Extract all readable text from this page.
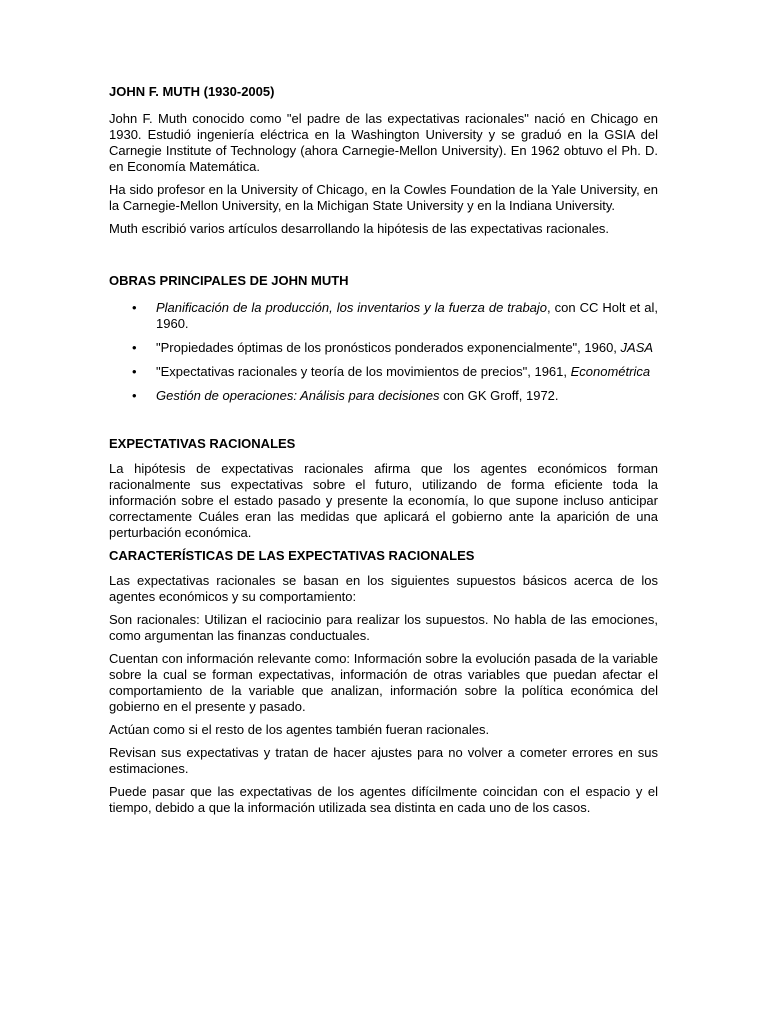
JOHN F. MUTH (1930-2005)

John F. Muth conocido como "el padre de las expectativas racionales" nació en Chicago en 1930. Estudió ingeniería eléctrica en la Washington University y se graduó en la GSIA del Carnegie Institute of Technology (ahora Carnegie-Mellon University). En 1962 obtuvo el Ph. D. en Economía Matemática.

Ha sido profesor en la University of Chicago, en la Cowles Foundation de la Yale University, en la Carnegie-Mellon University, en la Michigan State University y en la Indiana University.

Muth escribió varios artículos desarrollando la hipótesis de las expectativas racionales.

OBRAS PRINCIPALES DE JOHN MUTH
• Planificación de la producción, los inventarios y la fuerza de trabajo, con CC Holt et al, 1960.
• "Propiedades óptimas de los pronósticos ponderados exponencialmente", 1960, JASA
• "Expectativas racionales y teoría de los movimientos de precios", 1961, Econométrica
• Gestión de operaciones: Análisis para decisiones con GK Groff, 1972.
EXPECTATIVAS RACIONALES

La hipótesis de expectativas racionales afirma que los agentes económicos forman racionalmente sus expectativas sobre el futuro, utilizando de forma eficiente toda la información sobre el estado pasado y presente la economía, lo que supone incluso anticipar correctamente Cuáles eran las medidas que aplicará el gobierno ante la aparición de una perturbación económica.

CARACTERÍSTICAS DE LAS EXPECTATIVAS RACIONALES

Las expectativas racionales se basan en los siguientes supuestos básicos acerca de los agentes económicos y su comportamiento:

Son racionales: Utilizan el raciocinio para realizar los supuestos. No habla de las emociones, como argumentan las finanzas conductuales.

Cuentan con información relevante como: Información sobre la evolución pasada de la variable sobre la cual se forman expectativas, información de otras variables que puedan afectar el comportamiento de la variable que analizan, información sobre la política económica del gobierno en el presente y pasado.

Actúan como si el resto de los agentes también fueran racionales.

Revisan sus expectativas y tratan de hacer ajustes para no volver a cometer errores en sus estimaciones.

Puede pasar que las expectativas de los agentes difícilmente coincidan con el espacio y el tiempo, debido a que la información utilizada sea distinta en cada uno de los casos.
